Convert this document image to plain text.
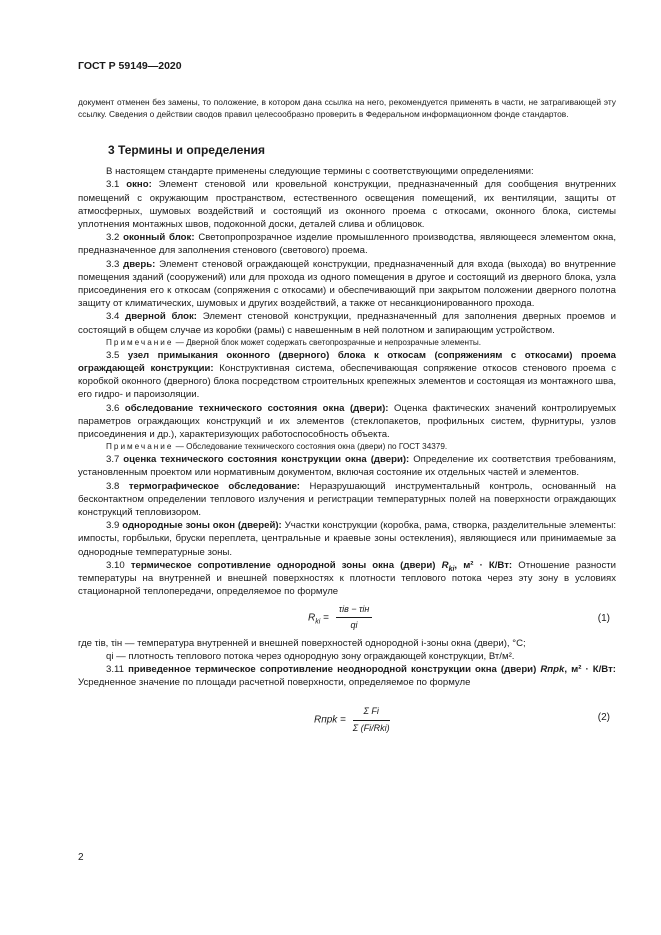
ГОСТ Р 59149—2020

документ отменен без замены, то положение, в котором дана ссылка на него, рекомендуется применять в части, не затрагивающей эту ссылку. Сведения о действии сводов правил целесообразно проверить в Федеральном информационном фонде стандартов.

3 Термины и определения

В настоящем стандарте применены следующие термины с соответствующими определениями:

3.1 окно: Элемент стеновой или кровельной конструкции, предназначенный для сообщения внутренних помещений с окружающим пространством, естественного освещения помещений, их вентиляции, защиты от атмосферных, шумовых воздействий и состоящий из оконного проема с откосами, оконного блока, системы уплотнения монтажных швов, подоконной доски, деталей слива и облицовок.

3.2 оконный блок: Светопропрозрачное изделие промышленного производства, являющееся элементом окна, предназначенное для заполнения стенового (светового) проема.

3.3 дверь: Элемент стеновой ограждающей конструкции, предназначенный для входа (выхода) во внутренние помещения зданий (сооружений) или для прохода из одного помещения в другое и состоящий из дверного блока, узла присоединения его к откосам (сопряжения с откосами) и обеспечивающий при закрытом положении дверного полотна защиту от климатических, шумовых и других воздействий, а также от несанкционированного прохода.

3.4 дверной блок: Элемент стеновой конструкции, предназначенный для заполнения дверных проемов и состоящий в общем случае из коробки (рамы) с навешенным в ней полотном и запирающим устройством.

Примечание — Дверной блок может содержать светопрозрачные и непрозрачные элементы.

3.5 узел примыкания оконного (дверного) блока к откосам (сопряжениям с откосами) проема ограждающей конструкции: Конструктивная система, обеспечивающая сопряжение откосов стенового проема с коробкой оконного (дверного) блока посредством строительных крепежных элементов и состоящая из монтажного шва, его гидро- и пароизоляции.

3.6 обследование технического состояния окна (двери): Оценка фактических значений контролируемых параметров ограждающих конструкций и их элементов (стеклопакетов, профильных систем, фурнитуры, узлов присоединения и др.), характеризующих работоспособность объекта.

Примечание — Обследование технического состояния окна (двери) по ГОСТ 34379.

3.7 оценка технического состояния конструкции окна (двери): Определение их соответствия требованиям, установленным проектом или нормативным документом, включая состояние их отдельных частей и элементов.

3.8 термографическое обследование: Неразрушающий инструментальный контроль, основанный на бесконтактном определении теплового излучения и регистрации температурных полей на поверхности ограждающих конструкций тепловизором.

3.9 однородные зоны окон (дверей): Участки конструкции (коробка, рама, створка, разделительные элементы: импосты, горбыльки, бруски переплета, центральные и краевые зоны остекления), являющиеся или принимаемые за однородные температурные зоны.

3.10 термическое сопротивление однородной зоны окна (двери) $R_{ki}$, м² · К/Вт: Отношение разности температуры на внутренней и внешней поверхностях к плотности теплового потока через эту зону в условиях стационарной теплопередачи, определяемое по формуле

$R_{ki} = \frac{\text{τiв − τiн}}{qi}$	(1)

где τiв, τiн — температура внутренней и внешней поверхностей однородной i-зоны окна (двери), °С;

qi — плотность теплового потока через однородную зону ограждающей конструкции, Вт/м².

3.11 приведенное термическое сопротивление неоднородной конструкции окна (двери) Rпрk, м² · К/Вт: Усредненное значение по площади расчетной поверхности, определяемое по формуле

Rпрk = $\frac{\text{Σ Fi}}{\text{Σ (Fi/Rki)}}$	(2)
2
